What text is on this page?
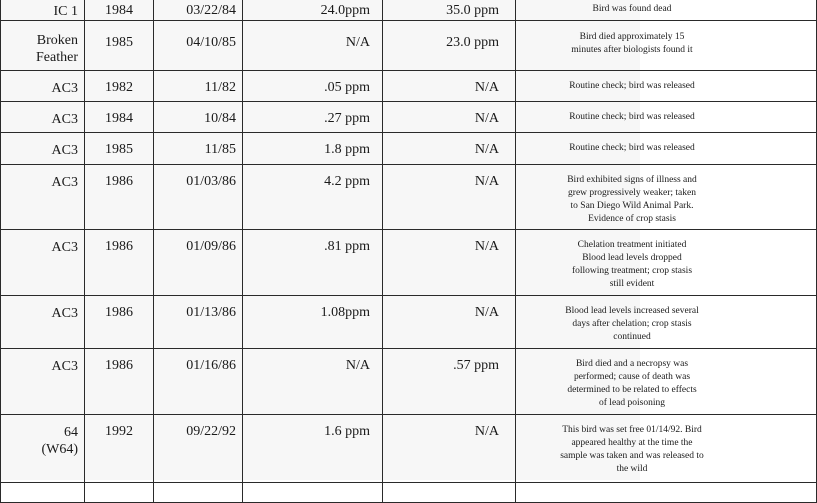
IC 1	1984	03/22/84	24.0ppm	35.0 ppm	Bird was found dead

Broken
Feather	1985	04/10/85	N/A	23.0 ppm	Bird died approximately 15
minutes after biologists found it

AC3	1982	11/82	.05 ppm	N/A	Routine check; bird was released

AC3	1984	10/84	.27 ppm	N/A	Routine check; bird was released

AC3	1985	11/85	1.8 ppm	N/A	Routine check; bird was released

AC3	1986	01/03/86	4.2 ppm	N/A	Bird exhibited signs of illness and
grew progressively weaker; taken
to San Diego Wild Animal Park.
Evidence of crop stasis

AC3	1986	01/09/86	.81 ppm	N/A	Chelation treatment initiated
Blood lead levels dropped
following treatment; crop stasis
still evident

AC3	1986	01/13/86	1.08ppm	N/A	Blood lead levels increased several
days after chelation; crop stasis
continued

AC3	1986	01/16/86	N/A	.57 ppm	Bird died and a necropsy was
performed; cause of death was
determined to be related to effects
of lead poisoning

64
(W64)	1992	09/22/92	1.6 ppm	N/A	This bird was set free 01/14/92. Bird
appeared healthy at the time the
sample was taken and was released to
the wild
